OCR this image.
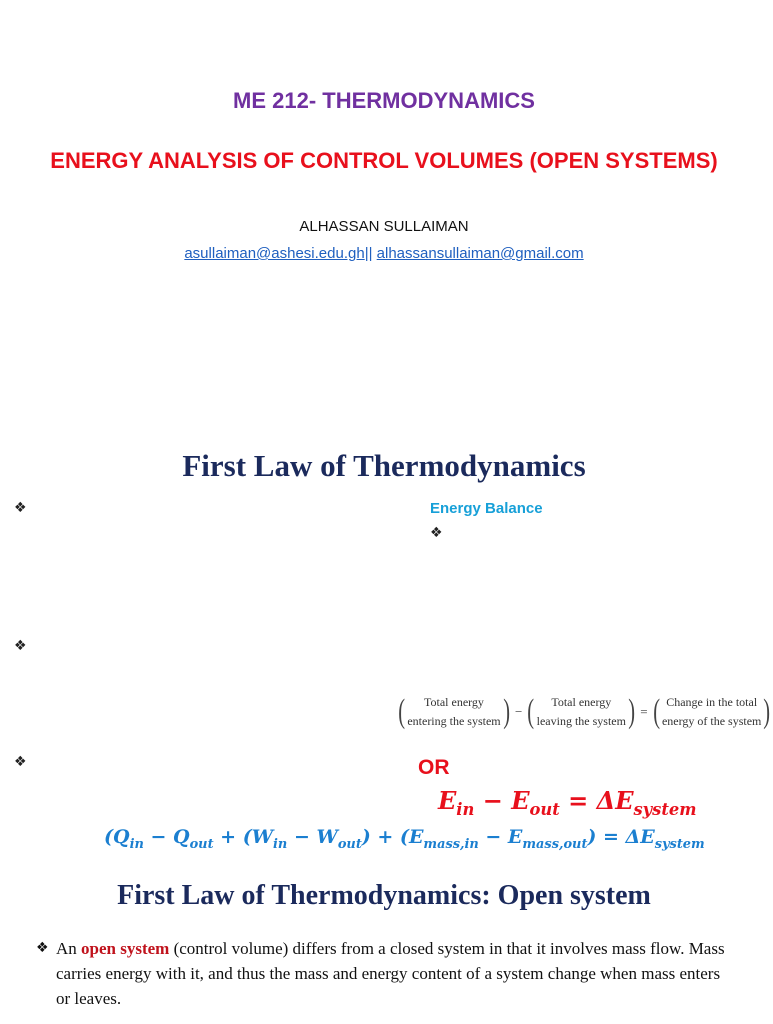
ME 212- THERMODYNAMICS
ENERGY ANALYSIS OF CONTROL VOLUMES (OPEN SYSTEMS)
ALHASSAN SULLAIMAN
asullaiman@ashesi.edu.gh|| alhassansullaiman@gmail.com
First Law of Thermodynamics
❖
❖
❖
❖
Energy Balance
(	Total energy
entering the system ) − (	Total energy
leaving the system ) = ( Change in the total
energy of the system )
OR
$E_{in} - E_{out} = \Delta E_{system}$
($Q_{in} - Q_{out} + (W_{in} - W_{out}) + (E_{mass,in} - E_{mass,out}) = \Delta E_{system}$
First Law of Thermodynamics: Open system
❖ An open system (control volume) differs from a closed system in that it involves mass flow. Mass carries energy with it, and thus the mass and energy content of a system change when mass enters or leaves.
